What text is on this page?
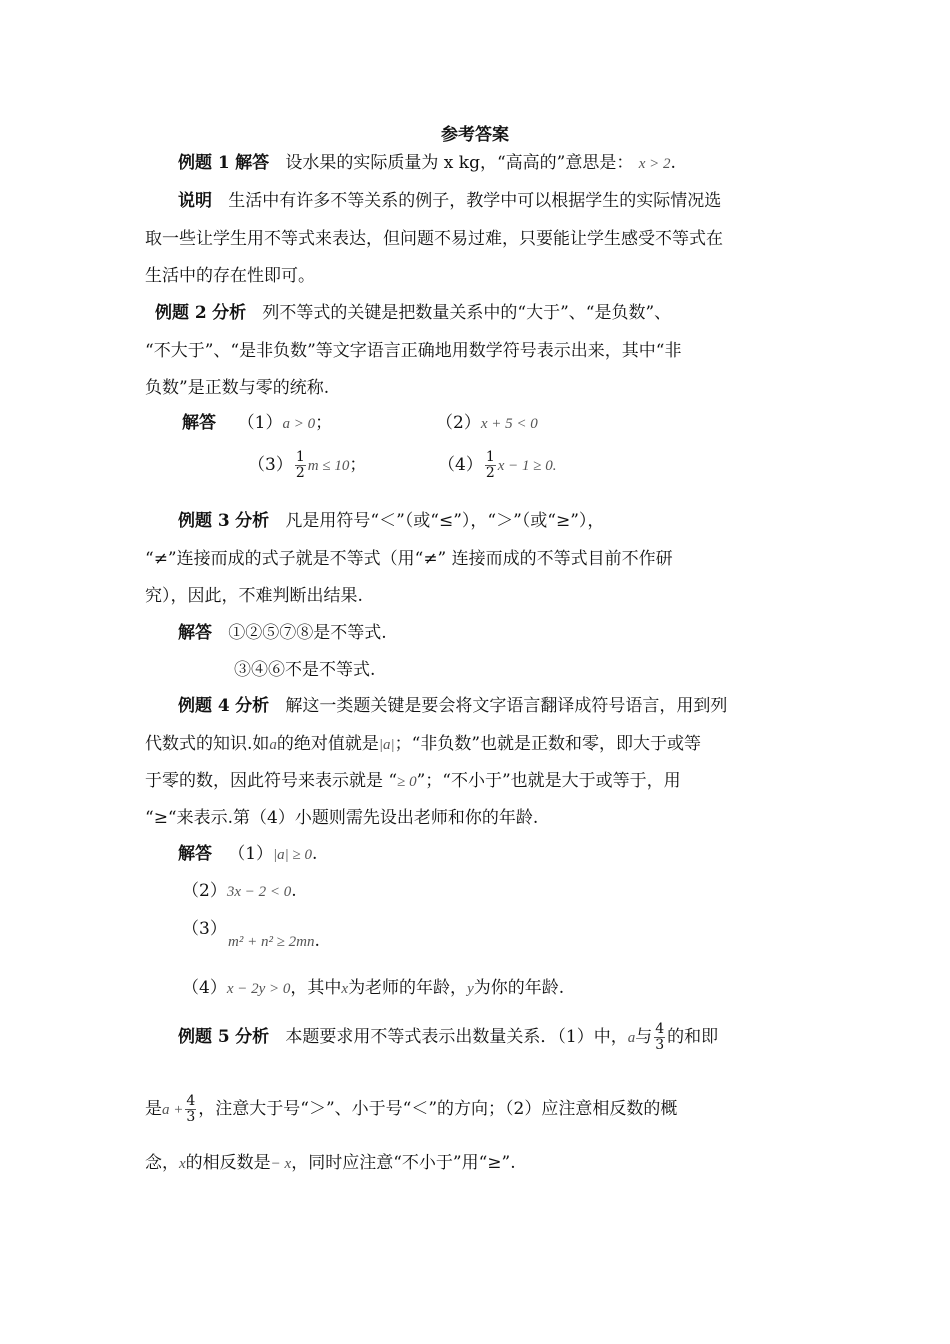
参考答案
例题 1 解答 设水果的实际质量为 x kg，“高高的”意思是： x > 2.
说明 生活中有许多不等关系的例子，教学中可以根据学生的实际情况选
取一些让学生用不等式来表达，但问题不易过难，只要能让学生感受不等式在
生活中的存在性即可。
例题 2 分析 列不等式的关键是把数量关系中的“大于”、“是负数”、
“不大于”、“是非负数”等文字语言正确地用数学符号表示出来，其中“非
负数”是正数与零的统称.
解答 （1）a > 0；	（2）x + 5 < 0
$(3) \frac{1}{2}$ m ≤ 10；	$(4) \frac{1}{2}$ x − 1 ≥ 0.
例题 3 分析 凡是用符号“＜”（或“≤”），“＞”（或“≥”），
“≠”连接而成的式子就是不等式（用“≠” 连接而成的不等式目前不作研
究），因此，不难判断出结果.
解答 ①②⑤⑦⑧是不等式.
③④⑥不是不等式.
例题 4 分析 解这一类题关键是要会将文字语言翻译成符号语言，用到列
代数式的知识.如a的绝对值就是|a|；“非负数”也就是正数和零，即大于或等
于零的数，因此符号来表示就是 “≥ 0”；“不小于”也就是大于或等于，用
“≥“来表示.第（4）小题则需先设出老师和你的年龄.
解答 （1）|a| ≥ 0.
（2）3x − 2 < 0.
（3）
m² + n² ≥ 2mn.
（4）x − 2y > 0，其中x为老师的年龄，y为你的年龄.
例题 5 分析 本题要求用不等式表示出数量关系．（1）中，a与 $\frac{4}{3}$ 的和即
是$a + \frac{4}{3}$ ，注意大于号“＞”、小于号“＜”的方向；（2）应注意相反数的概
念，x的相反数是− x，同时应注意“不小于”用“≥”.
